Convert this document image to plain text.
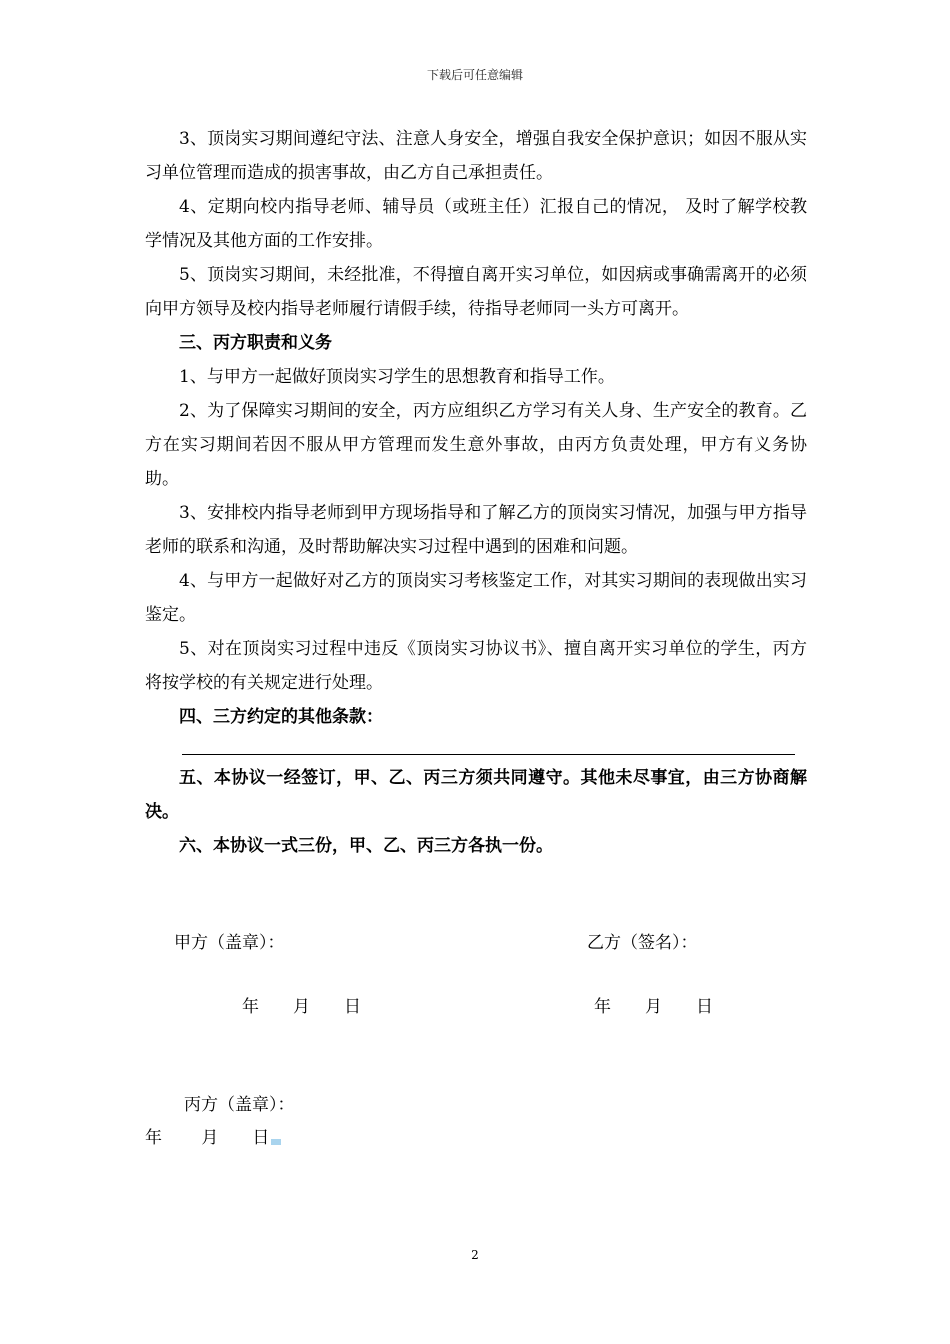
下载后可任意编辑

3、顶岗实习期间遵纪守法、注意人身安全，增强自我安全保护意识；如因不服从实习单位管理而造成的损害事故，由乙方自己承担责任。

4、定期向校内指导老师、辅导员（或班主任）汇报自己的情况， 及时了解学校教学情况及其他方面的工作安排。

5、顶岗实习期间，未经批准，不得擅自离开实习单位，如因病或事确需离开的必须向甲方领导及校内指导老师履行请假手续，待指导老师同一头方可离开。

三、丙方职责和义务

1、与甲方一起做好顶岗实习学生的思想教育和指导工作。

2、为了保障实习期间的安全，丙方应组织乙方学习有关人身、生产安全的教育。乙方在实习期间若因不服从甲方管理而发生意外事故，由丙方负责处理，甲方有义务协助。

3、安排校内指导老师到甲方现场指导和了解乙方的顶岗实习情况，加强与甲方指导老师的联系和沟通，及时帮助解决实习过程中遇到的困难和问题。

4、与甲方一起做好对乙方的顶岗实习考核鉴定工作，对其实习期间的表现做出实习鉴定。

5、对在顶岗实习过程中违反《顶岗实习协议书》、擅自离开实习单位的学生，丙方将按学校的有关规定进行处理。

四、三方约定的其他条款：

五、本协议一经签订，甲、乙、丙三方须共同遵守。其他未尽事宜，由三方协商解决。

六、本协议一式三份，甲、乙、丙三方各执一份。

甲方（盖章）：	乙方（签名）：
年　　月　　日	年　　月　　日
丙方（盖章）：
年　　 月　　日
2
